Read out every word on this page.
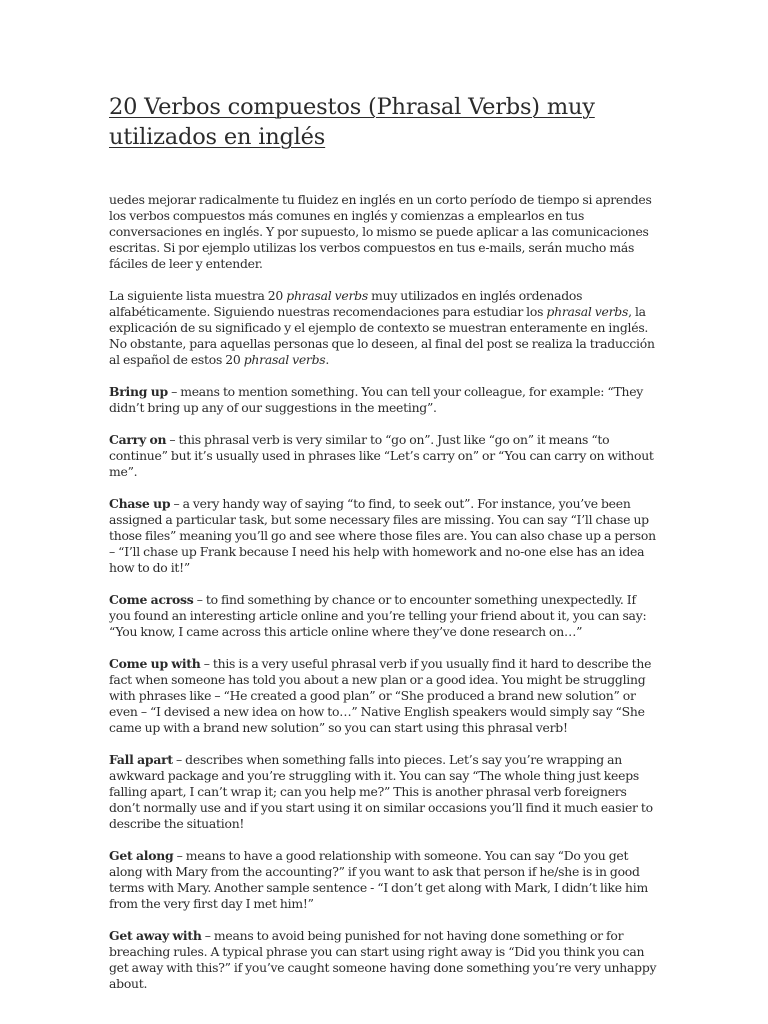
20 Verbos compuestos (Phrasal Verbs) muy utilizados en inglés

uedes mejorar radicalmente tu fluidez en inglés en un corto período de tiempo si aprendes los verbos compuestos más comunes en inglés y comienzas a emplearlos en tus conversaciones en inglés. Y por supuesto, lo mismo se puede aplicar a las comunicaciones escritas. Si por ejemplo utilizas los verbos compuestos en tus e-mails, serán mucho más fáciles de leer y entender.

La siguiente lista muestra 20 phrasal verbs muy utilizados en inglés ordenados alfabéticamente. Siguiendo nuestras recomendaciones para estudiar los phrasal verbs, la explicación de su significado y el ejemplo de contexto se muestran enteramente en inglés. No obstante, para aquellas personas que lo deseen, al final del post se realiza la traducción al español de estos 20 phrasal verbs.

Bring up – means to mention something. You can tell your colleague, for example: “They didn’t bring up any of our suggestions in the meeting”.

Carry on – this phrasal verb is very similar to “go on”. Just like “go on” it means “to continue” but it’s usually used in phrases like “Let’s carry on” or “You can carry on without me”.

Chase up – a very handy way of saying “to find, to seek out”. For instance, you’ve been assigned a particular task, but some necessary files are missing. You can say “I’ll chase up those files” meaning you’ll go and see where those files are. You can also chase up a person – “I’ll chase up Frank because I need his help with homework and no-one else has an idea how to do it!”

Come across – to find something by chance or to encounter something unexpectedly. If you found an interesting article online and you’re telling your friend about it, you can say: “You know, I came across this article online where they’ve done research on…”

Come up with – this is a very useful phrasal verb if you usually find it hard to describe the fact when someone has told you about a new plan or a good idea. You might be struggling with phrases like – “He created a good plan” or “She produced a brand new solution” or even – “I devised a new idea on how to…” Native English speakers would simply say “She came up with a brand new solution” so you can start using this phrasal verb!

Fall apart – describes when something falls into pieces. Let’s say you’re wrapping an awkward package and you’re struggling with it. You can say “The whole thing just keeps falling apart, I can’t wrap it; can you help me?” This is another phrasal verb foreigners don’t normally use and if you start using it on similar occasions you’ll find it much easier to describe the situation!

Get along – means to have a good relationship with someone. You can say “Do you get along with Mary from the accounting?” if you want to ask that person if he/she is in good terms with Mary. Another sample sentence - “I don’t get along with Mark, I didn’t like him from the very first day I met him!”

Get away with – means to avoid being punished for not having done something or for breaching rules. A typical phrase you can start using right away is “Did you think you can get away with this?” if you’ve caught someone having done something you’re very unhappy about.
